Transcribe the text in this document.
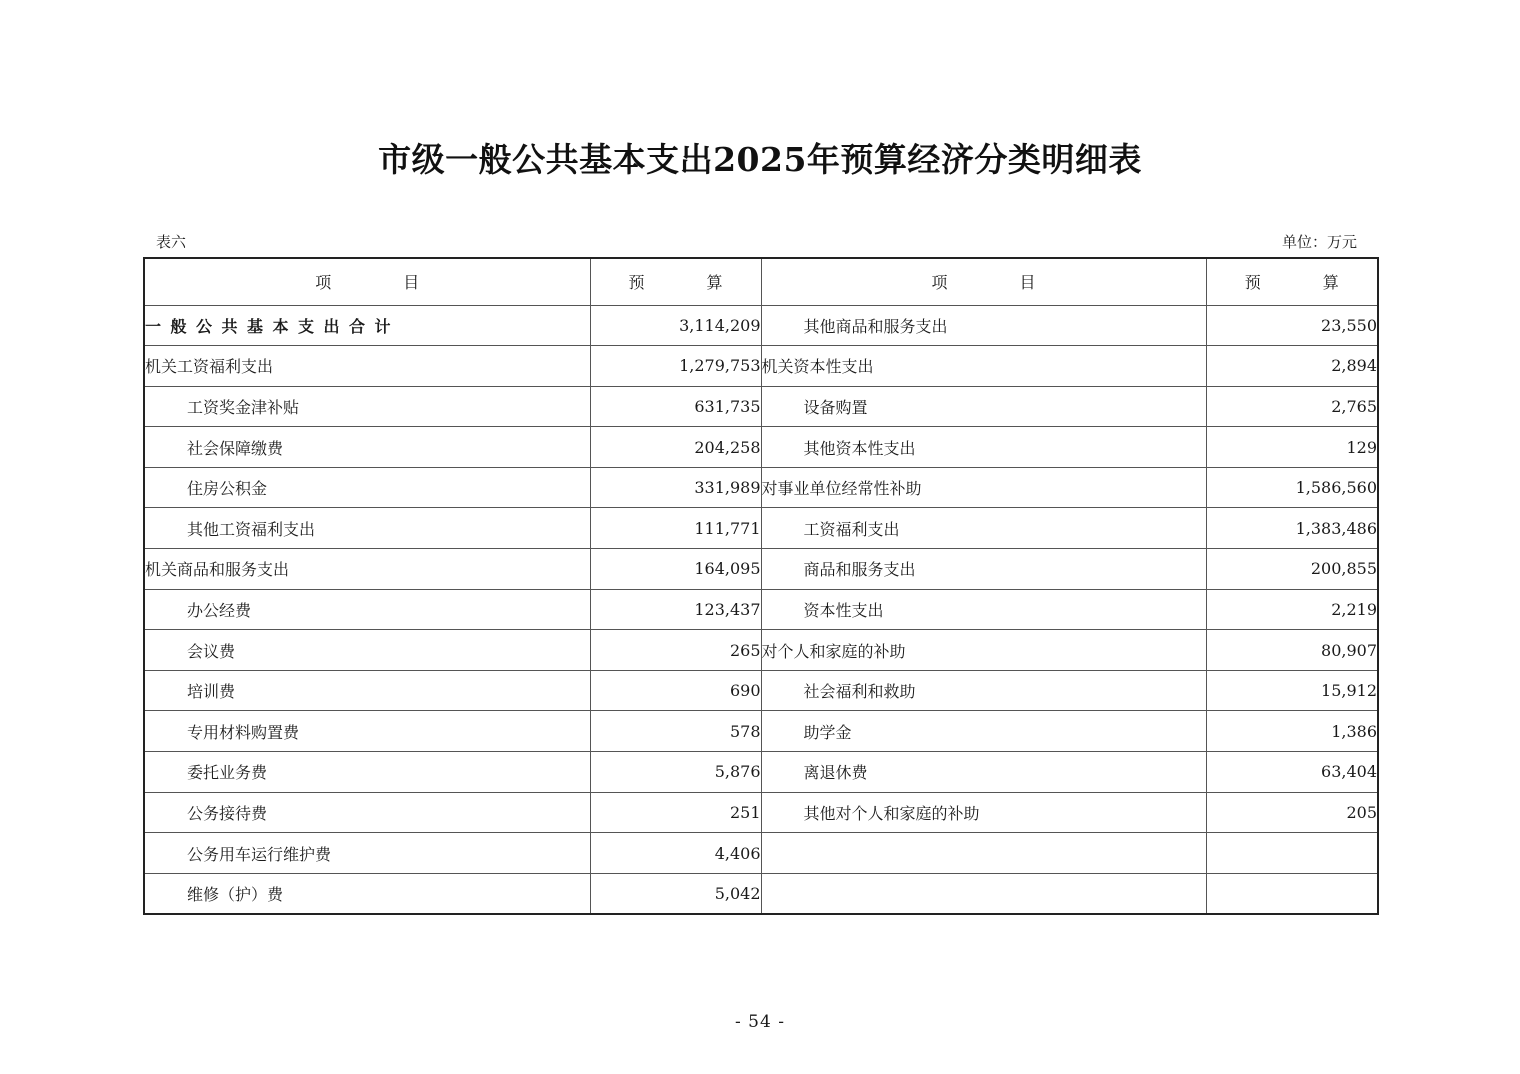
市级一般公共基本支出2025年预算经济分类明细表
表六	单位：万元
项 目	预 算	项 目	预 算
一般公共基本支出合计	3,114,209	其他商品和服务支出	23,550
机关工资福利支出	1,279,753	机关资本性支出	2,894
工资奖金津补贴	631,735	设备购置	2,765
社会保障缴费	204,258	其他资本性支出	129
住房公积金	331,989	对事业单位经常性补助	1,586,560
其他工资福利支出	111,771	工资福利支出	1,383,486
机关商品和服务支出	164,095	商品和服务支出	200,855
办公经费	123,437	资本性支出	2,219
会议费	265	对个人和家庭的补助	80,907
培训费	690	社会福利和救助	15,912
专用材料购置费	578	助学金	1,386
委托业务费	5,876	离退休费	63,404
公务接待费	251	其他对个人和家庭的补助	205
公务用车运行维护费	4,406		
维修（护）费	5,042		
- 54 -
